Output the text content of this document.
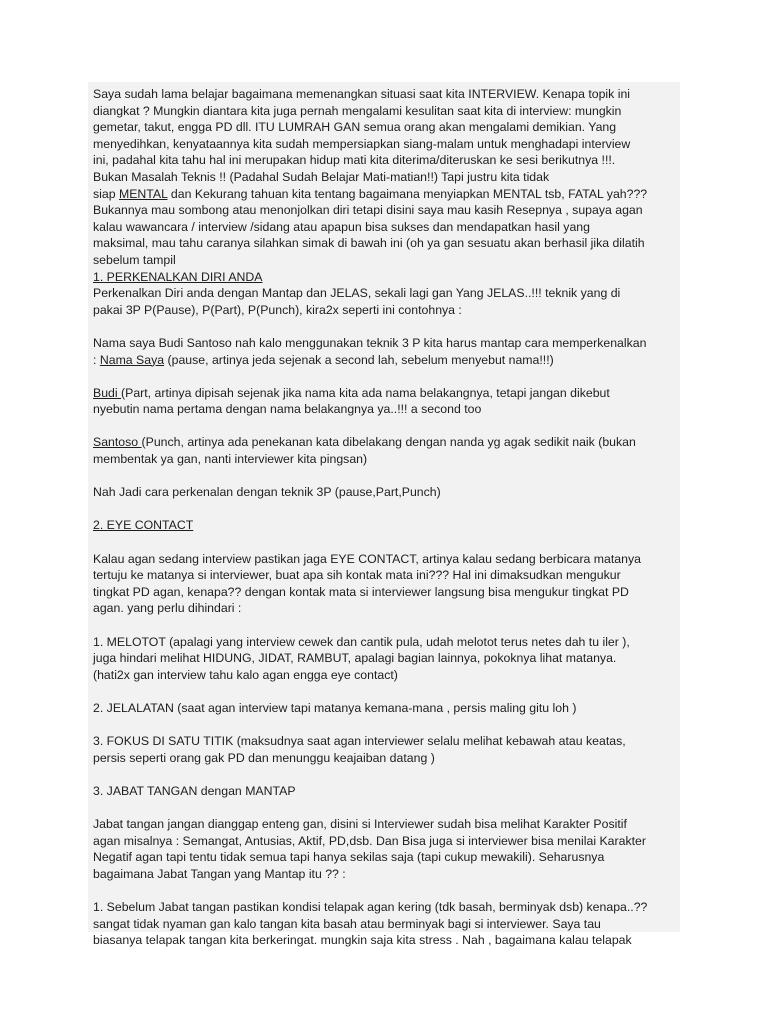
Saya sudah lama belajar bagaimana memenangkan situasi saat kita INTERVIEW. Kenapa topik ini
diangkat ? Mungkin diantara kita juga pernah mengalami kesulitan saat kita di interview: mungkin
gemetar, takut, engga PD dll. ITU LUMRAH GAN semua orang akan mengalami demikian. Yang
menyedihkan, kenyataannya kita sudah mempersiapkan siang-malam untuk menghadapi interview
ini, padahal kita tahu hal ini merupakan hidup mati kita diterima/diteruskan ke sesi berikutnya !!!.
Bukan Masalah Teknis !! (Padahal Sudah Belajar Mati-matian!!) Tapi justru kita tidak
siap MENTAL dan Kekurang tahuan kita tentang bagaimana menyiapkan MENTAL tsb, FATAL yah???
Bukannya mau sombong atau menonjolkan diri tetapi disini saya mau kasih Resepnya , supaya agan
kalau wawancara / interview /sidang atau apapun bisa sukses dan mendapatkan hasil yang
maksimal, mau tahu caranya silahkan simak di bawah ini (oh ya gan sesuatu akan berhasil jika dilatih
sebelum tampil

1. PERKENALKAN DIRI ANDA
Perkenalkan Diri anda dengan Mantap dan JELAS, sekali lagi gan Yang JELAS..!!! teknik yang di
pakai 3P P(Pause), P(Part), P(Punch), kira2x seperti ini contohnya :

Nama saya Budi Santoso nah kalo menggunakan teknik 3 P kita harus mantap cara memperkenalkan
: Nama Saya (pause, artinya jeda sejenak a second lah, sebelum menyebut nama!!!)

Budi (Part, artinya dipisah sejenak jika nama kita ada nama belakangnya, tetapi jangan dikebut
nyebutin nama pertama dengan nama belakangnya ya..!!! a second too

Santoso (Punch, artinya ada penekanan kata dibelakang dengan nanda yg agak sedikit naik (bukan
membentak ya gan, nanti interviewer kita pingsan)

Nah Jadi cara perkenalan dengan teknik 3P (pause,Part,Punch)

2. EYE CONTACT

Kalau agan sedang interview pastikan jaga EYE CONTACT, artinya kalau sedang berbicara matanya
tertuju ke matanya si interviewer, buat apa sih kontak mata ini??? Hal ini dimaksudkan mengukur
tingkat PD agan, kenapa?? dengan kontak mata si interviewer langsung bisa mengukur tingkat PD
agan. yang perlu dihindari :

1. MELOTOT (apalagi yang interview cewek dan cantik pula, udah melotot terus netes dah tu iler ),
juga hindari melihat HIDUNG, JIDAT, RAMBUT, apalagi bagian lainnya, pokoknya lihat matanya.
(hati2x gan interview tahu kalo agan engga eye contact)

2. JELALATAN (saat agan interview tapi matanya kemana-mana , persis maling gitu loh )

3. FOKUS DI SATU TITIK (maksudnya saat agan interviewer selalu melihat kebawah atau keatas,
persis seperti orang gak PD dan menunggu keajaiban datang )

3. JABAT TANGAN dengan MANTAP

Jabat tangan jangan dianggap enteng gan, disini si Interviewer sudah bisa melihat Karakter Positif
agan misalnya : Semangat, Antusias, Aktif, PD,dsb. Dan Bisa juga si interviewer bisa menilai Karakter
Negatif agan tapi tentu tidak semua tapi hanya sekilas saja (tapi cukup mewakili). Seharusnya
bagaimana Jabat Tangan yang Mantap itu ?? :

1. Sebelum Jabat tangan pastikan kondisi telapak agan kering (tdk basah, berminyak dsb) kenapa..??
sangat tidak nyaman gan kalo tangan kita basah atau berminyak bagi si interviewer. Saya tau
biasanya telapak tangan kita berkeringat. mungkin saja kita stress . Nah , bagaimana kalau telapak
